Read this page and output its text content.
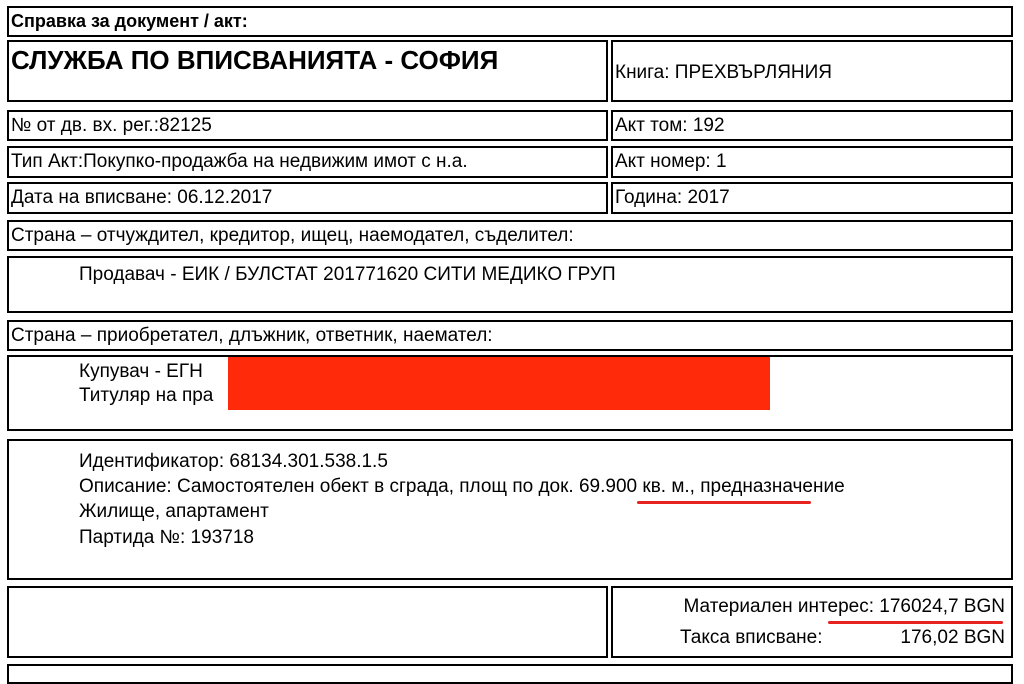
Справка за документ / акт:
СЛУЖБА ПО ВПИСВАНИЯТА - СОФИЯ	Книга: ПРЕХВЪРЛЯНИЯ
№ от дв. вх. рег.:82125	Акт том: 192
Тип Акт:Покупко-продажба на недвижим имот с н.а.	Акт номер: 1
Дата на вписване: 06.12.2017	Година: 2017
Страна – отчуждител, кредитор, ищец, наемодател, съделител:
Продавач - ЕИК / БУЛСТАТ 201771620 СИТИ МЕДИКО ГРУП
Страна – приобретател, длъжник, ответник, наемател:
Купувач - ЕГН
Титуляр на пра
Идентификатор: 68134.301.538.1.5
Описание: Самостоятелен обект в сграда, площ по док. 69.900 кв. м., предназначение
Жилище, апартамент
Партида №: 193718
Материален интерес: 176024,7 BGN
Такса вписване:	176,02 BGN
